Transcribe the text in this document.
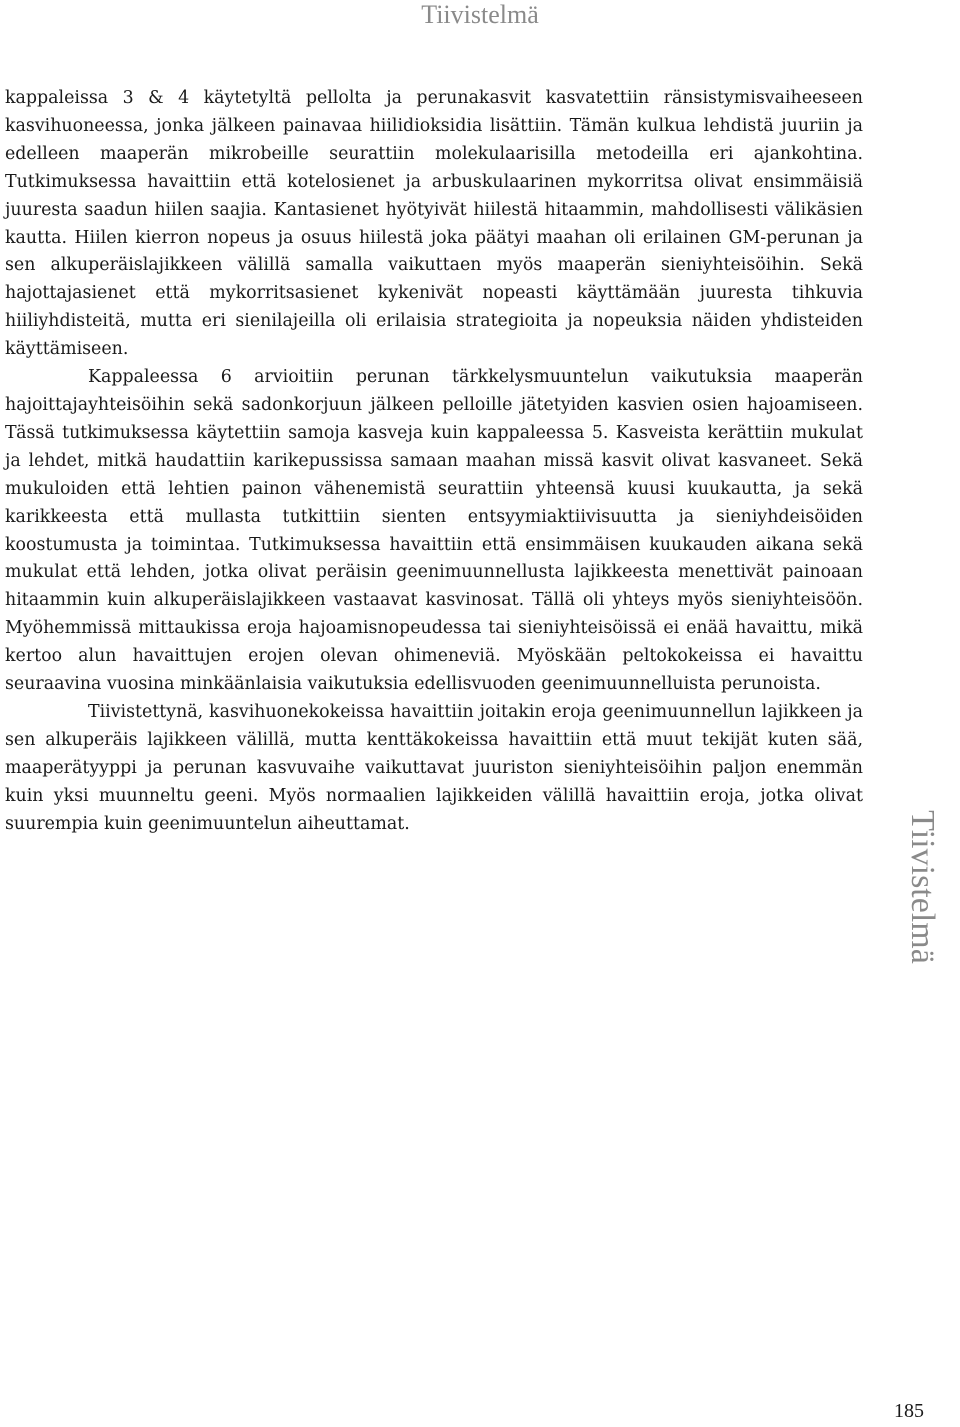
Tiivistelmä

kappaleissa 3 & 4 käytetyltä pellolta ja perunakasvit kasvatettiin ränsistymisvaiheeseen kasvihuoneessa, jonka jälkeen painavaa hiilidioksidia lisättiin. Tämän kulkua lehdistä juuriin ja edelleen maaperän mikrobeille seurattiin molekulaarisilla metodeilla eri ajankohtina. Tutkimuksessa havaittiin että kotelosienet ja arbuskulaarinen mykorritsa olivat ensimmäisiä juuresta saadun hiilen saajia. Kantasienet hyötyivät hiilestä hitaammin, mahdollisesti välikäsien kautta. Hiilen kierron nopeus ja osuus hiilestä joka päätyi maahan oli erilainen GM-perunan ja sen alkuperäislajikkeen välillä samalla vaikuttaen myös maaperän sieniyhteisöihin. Sekä hajottajasienet että mykorritsasienet kykenivät nopeasti käyttämään juuresta tihkuvia hiiliyhdisteitä, mutta eri sienilajeilla oli erilaisia strategioita ja nopeuksia näiden yhdisteiden käyttämiseen.

Kappaleessa 6 arvioitiin perunan tärkkelysmuuntelun vaikutuksia maaperän hajoittajayhteisöihin sekä sadonkorjuun jälkeen pelloille jätetyiden kasvien osien hajoamiseen. Tässä tutkimuksessa käytettiin samoja kasveja kuin kappaleessa 5. Kasveista kerättiin mukulat ja lehdet, mitkä haudattiin karikepussissa samaan maahan missä kasvit olivat kasvaneet. Sekä mukuloiden että lehtien painon vähenemistä seurattiin yhteensä kuusi kuukautta, ja sekä karikkeesta että mullasta tutkittiin sienten entsyymiaktiivisuutta ja sieniyhdeisöiden koostumusta ja toimintaa. Tutkimuksessa havaittiin että ensimmäisen kuukauden aikana sekä mukulat että lehden, jotka olivat peräisin geenimuunnellusta lajikkeesta menettivät painoaan hitaammin kuin alkuperäislajikkeen vastaavat kasvinosat. Tällä oli yhteys myös sieniyhteisöön. Myöhemmissä mittaukissa eroja hajoamisnopeudessa tai sieniyhteisöissä ei enää havaittu, mikä kertoo alun havaittujen erojen olevan ohimeneviä. Myöskään peltokokeissa ei havaittu seuraavina vuosina minkäänlaisia vaikutuksia edellisvuoden geenimuunnelluista perunoista.

Tiivistettynä, kasvihuonekokeissa havaittiin joitakin eroja geenimuunnellun lajikkeen ja sen alkuperäis lajikkeen välillä, mutta kenttäkokeissa havaittiin että muut tekijät kuten sää, maaperätyyppi ja perunan kasvuvaihe vaikuttavat juuriston sieniyhteisöihin paljon enemmän kuin yksi muunneltu geeni. Myös normaalien lajikkeiden välillä havaittiin eroja, jotka olivat suurempia kuin geenimuuntelun aiheuttamat.	Tiivistelmä
185
